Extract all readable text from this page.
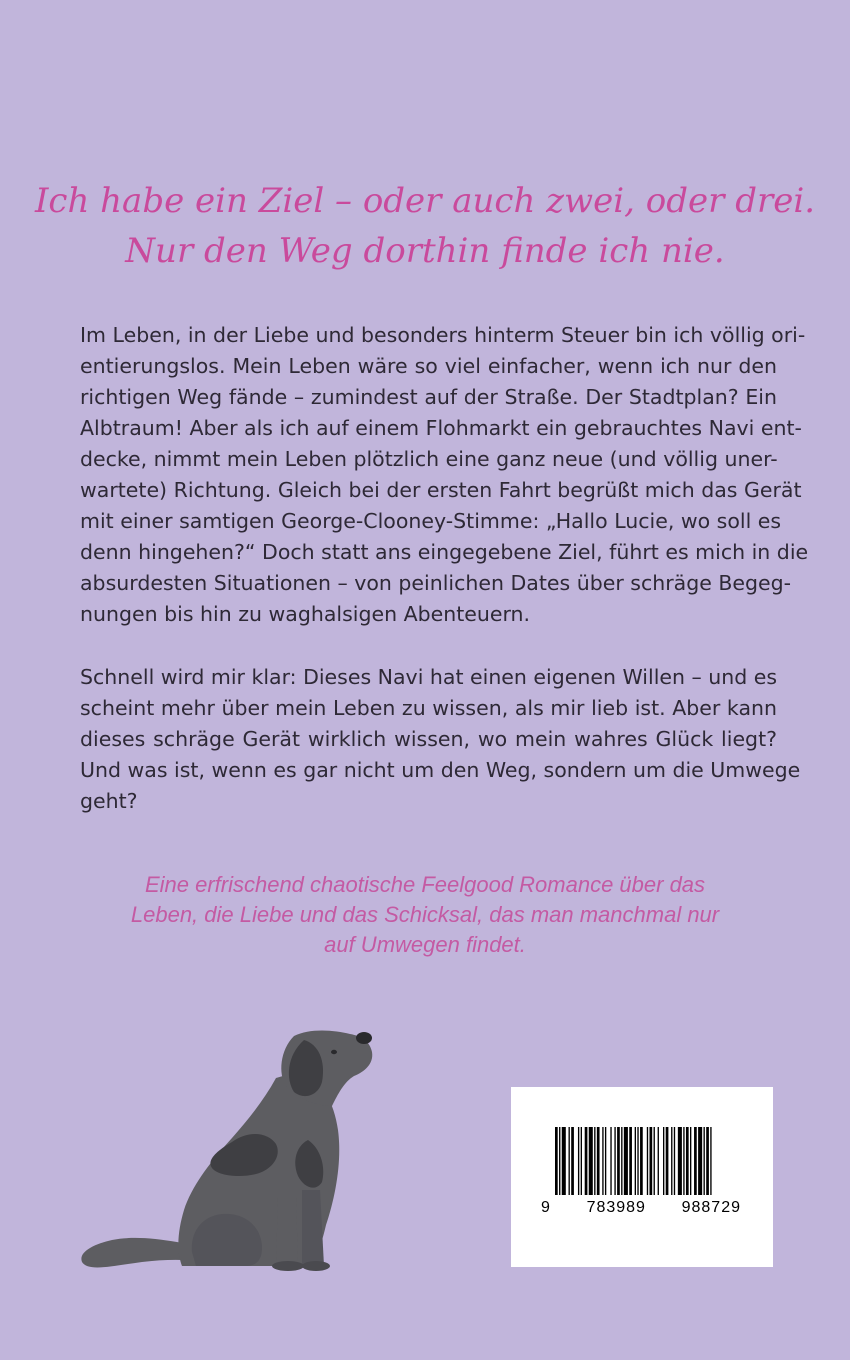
Ich habe ein Ziel – oder auch zwei, oder drei.
Nur den Weg dorthin finde ich nie.
Im Leben, in der Liebe und besonders hinterm Steuer bin ich völlig ori-
entierungslos. Mein Leben wäre so viel einfacher, wenn ich nur den
richtigen Weg fände – zumindest auf der Straße. Der Stadtplan? Ein
Albtraum! Aber als ich auf einem Flohmarkt ein gebrauchtes Navi ent-
decke, nimmt mein Leben plötzlich eine ganz neue (und völlig uner-
wartete) Richtung. Gleich bei der ersten Fahrt begrüßt mich das Gerät
mit einer samtigen George-Clooney-Stimme: „Hallo Lucie, wo soll es
denn hingehen?“ Doch statt ans eingegebene Ziel, führt es mich in die
absurdesten Situationen – von peinlichen Dates über schräge Begeg-
nungen bis hin zu waghalsigen Abenteuern.
Schnell wird mir klar: Dieses Navi hat einen eigenen Willen – und es
scheint mehr über mein Leben zu wissen, als mir lieb ist. Aber kann
dieses schräge Gerät wirklich wissen, wo mein wahres Glück liegt?
Und was ist, wenn es gar nicht um den Weg, sondern um die Umwege
geht?
Eine erfrischend chaotische Feelgood Romance über das
Leben, die Liebe und das Schicksal, das man manchmal nur
auf Umwegen findet.
9 783989 988729
